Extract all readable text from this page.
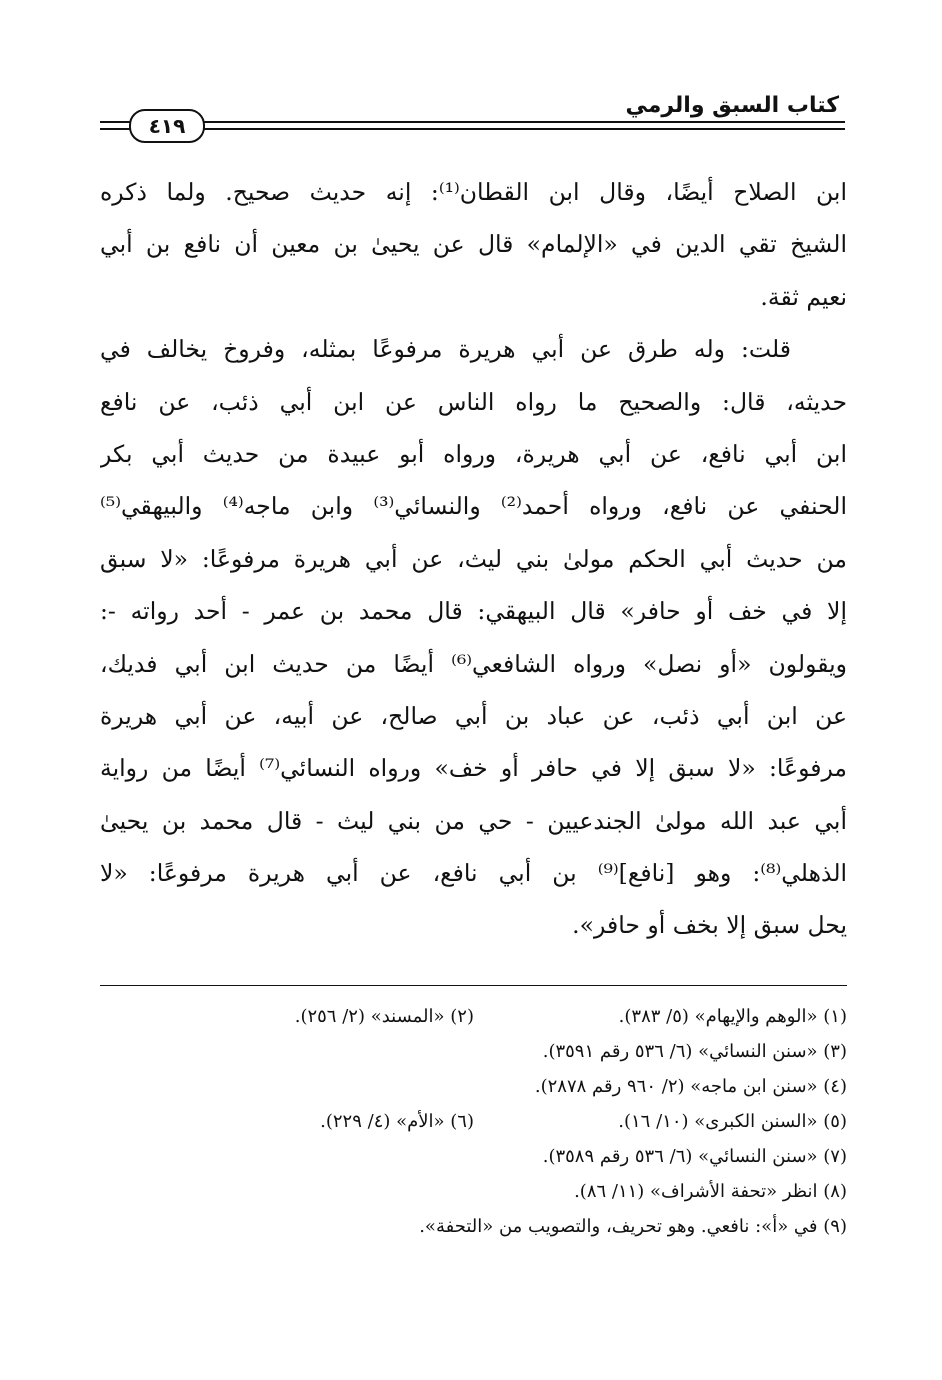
كتاب السبق والرمي
٤١٩
ابن الصلاح أيضًا، وقال ابن القطان⁽¹⁾: إنه حديث صحيح. ولما ذكره
الشيخ تقي الدين في «الإلمام» قال عن يحيىٰ بن معين أن نافع بن أبي
نعيم ثقة.
قلت: وله طرق عن أبي هريرة مرفوعًا بمثله، وفروخ يخالف في
حديثه، قال: والصحيح ما رواه الناس عن ابن أبي ذئب، عن نافع
ابن أبي نافع، عن أبي هريرة، ورواه أبو عبيدة من حديث أبي بكر
الحنفي عن نافع، ورواه أحمد⁽²⁾ والنسائي⁽³⁾ وابن ماجه⁽⁴⁾ والبيهقي⁽⁵⁾
من حديث أبي الحكم مولىٰ بني ليث، عن أبي هريرة مرفوعًا: «لا سبق
إلا في خف أو حافر» قال البيهقي: قال محمد بن عمر - أحد رواته -:
ويقولون «أو نصل» ورواه الشافعي⁽⁶⁾ أيضًا من حديث ابن أبي فديك،
عن ابن أبي ذئب، عن عباد بن أبي صالح، عن أبيه، عن أبي هريرة
مرفوعًا: «لا سبق إلا في حافر أو خف» ورواه النسائي⁽⁷⁾ أيضًا من رواية
أبي عبد الله مولىٰ الجندعيين - حي من بني ليث - قال محمد بن يحيىٰ
الذهلي⁽⁸⁾: وهو [نافع]⁽⁹⁾ بن أبي نافع، عن أبي هريرة مرفوعًا: «لا
يحل سبق إلا بخف أو حافر».
(١) «الوهم والإيهام» (٥/ ٣٨٣).
(٢) «المسند» (٢/ ٢٥٦).
(٣) «سنن النسائي» (٦/ ٥٣٦ رقم ٣٥٩١).
(٤) «سنن ابن ماجه» (٢/ ٩٦٠ رقم ٢٨٧٨).
(٥) «السنن الكبرى» (١٠/ ١٦).
(٦) «الأم» (٤/ ٢٢٩).
(٧) «سنن النسائي» (٦/ ٥٣٦ رقم ٣٥٨٩).
(٨) انظر «تحفة الأشراف» (١١/ ٨٦).
(٩) في «أ»: نافعي. وهو تحريف، والتصويب من «التحفة».
